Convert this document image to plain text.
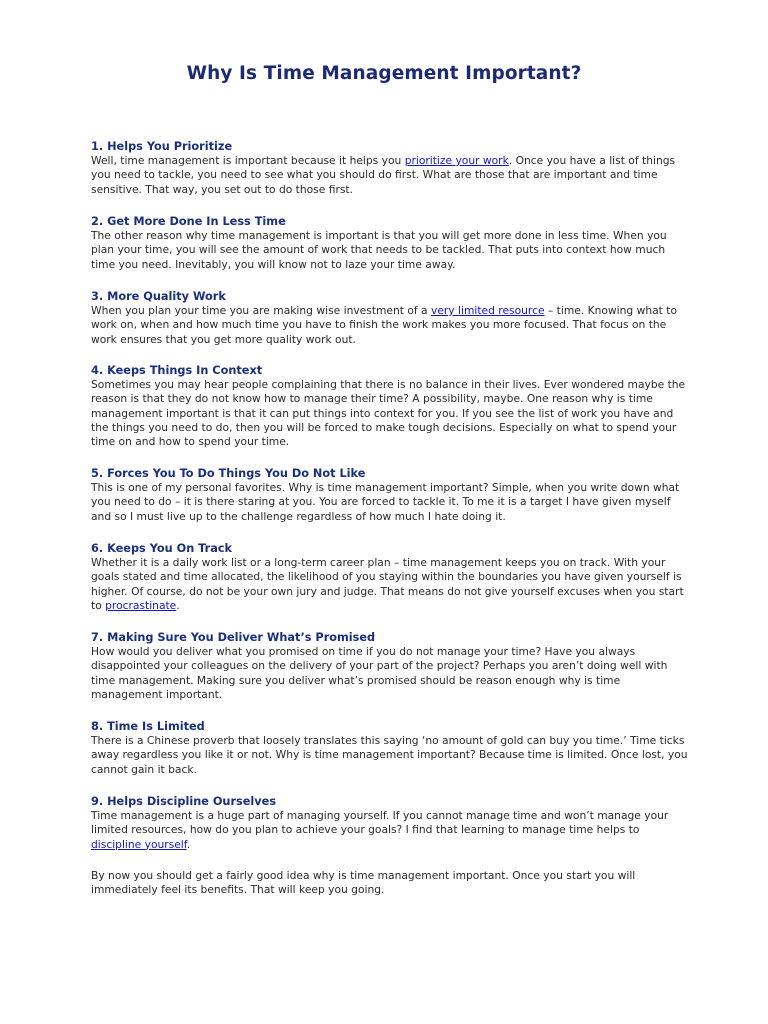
Why Is Time Management Important?

1. Helps You Prioritize

Well, time management is important because it helps you prioritize your work. Once you have a list of things you need to tackle, you need to see what you should do first. What are those that are important and time sensitive. That way, you set out to do those first.

2. Get More Done In Less Time

The other reason why time management is important is that you will get more done in less time. When you plan your time, you will see the amount of work that needs to be tackled. That puts into context how much time you need. Inevitably, you will know not to laze your time away.

3. More Quality Work

When you plan your time you are making wise investment of a very limited resource – time. Knowing what to work on, when and how much time you have to finish the work makes you more focused. That focus on the work ensures that you get more quality work out.

4. Keeps Things In Context

Sometimes you may hear people complaining that there is no balance in their lives. Ever wondered maybe the reason is that they do not know how to manage their time? A possibility, maybe. One reason why is time management important is that it can put things into context for you. If you see the list of work you have and the things you need to do, then you will be forced to make tough decisions. Especially on what to spend your time on and how to spend your time.

5. Forces You To Do Things You Do Not Like

This is one of my personal favorites. Why is time management important? Simple, when you write down what you need to do – it is there staring at you. You are forced to tackle it. To me it is a target I have given myself and so I must live up to the challenge regardless of how much I hate doing it.

6. Keeps You On Track

Whether it is a daily work list or a long-term career plan – time management keeps you on track. With your goals stated and time allocated, the likelihood of you staying within the boundaries you have given yourself is higher. Of course, do not be your own jury and judge. That means do not give yourself excuses when you start to procrastinate.

7. Making Sure You Deliver What’s Promised

How would you deliver what you promised on time if you do not manage your time? Have you always disappointed your colleagues on the delivery of your part of the project? Perhaps you aren’t doing well with time management. Making sure you deliver what’s promised should be reason enough why is time management important.

8. Time Is Limited

There is a Chinese proverb that loosely translates this saying ‘no amount of gold can buy you time.’ Time ticks away regardless you like it or not. Why is time management important? Because time is limited. Once lost, you cannot gain it back.

9. Helps Discipline Ourselves

Time management is a huge part of managing yourself. If you cannot manage time and won’t manage your limited resources, how do you plan to achieve your goals? I find that learning to manage time helps to discipline yourself.

By now you should get a fairly good idea why is time management important. Once you start you will immediately feel its benefits. That will keep you going.
